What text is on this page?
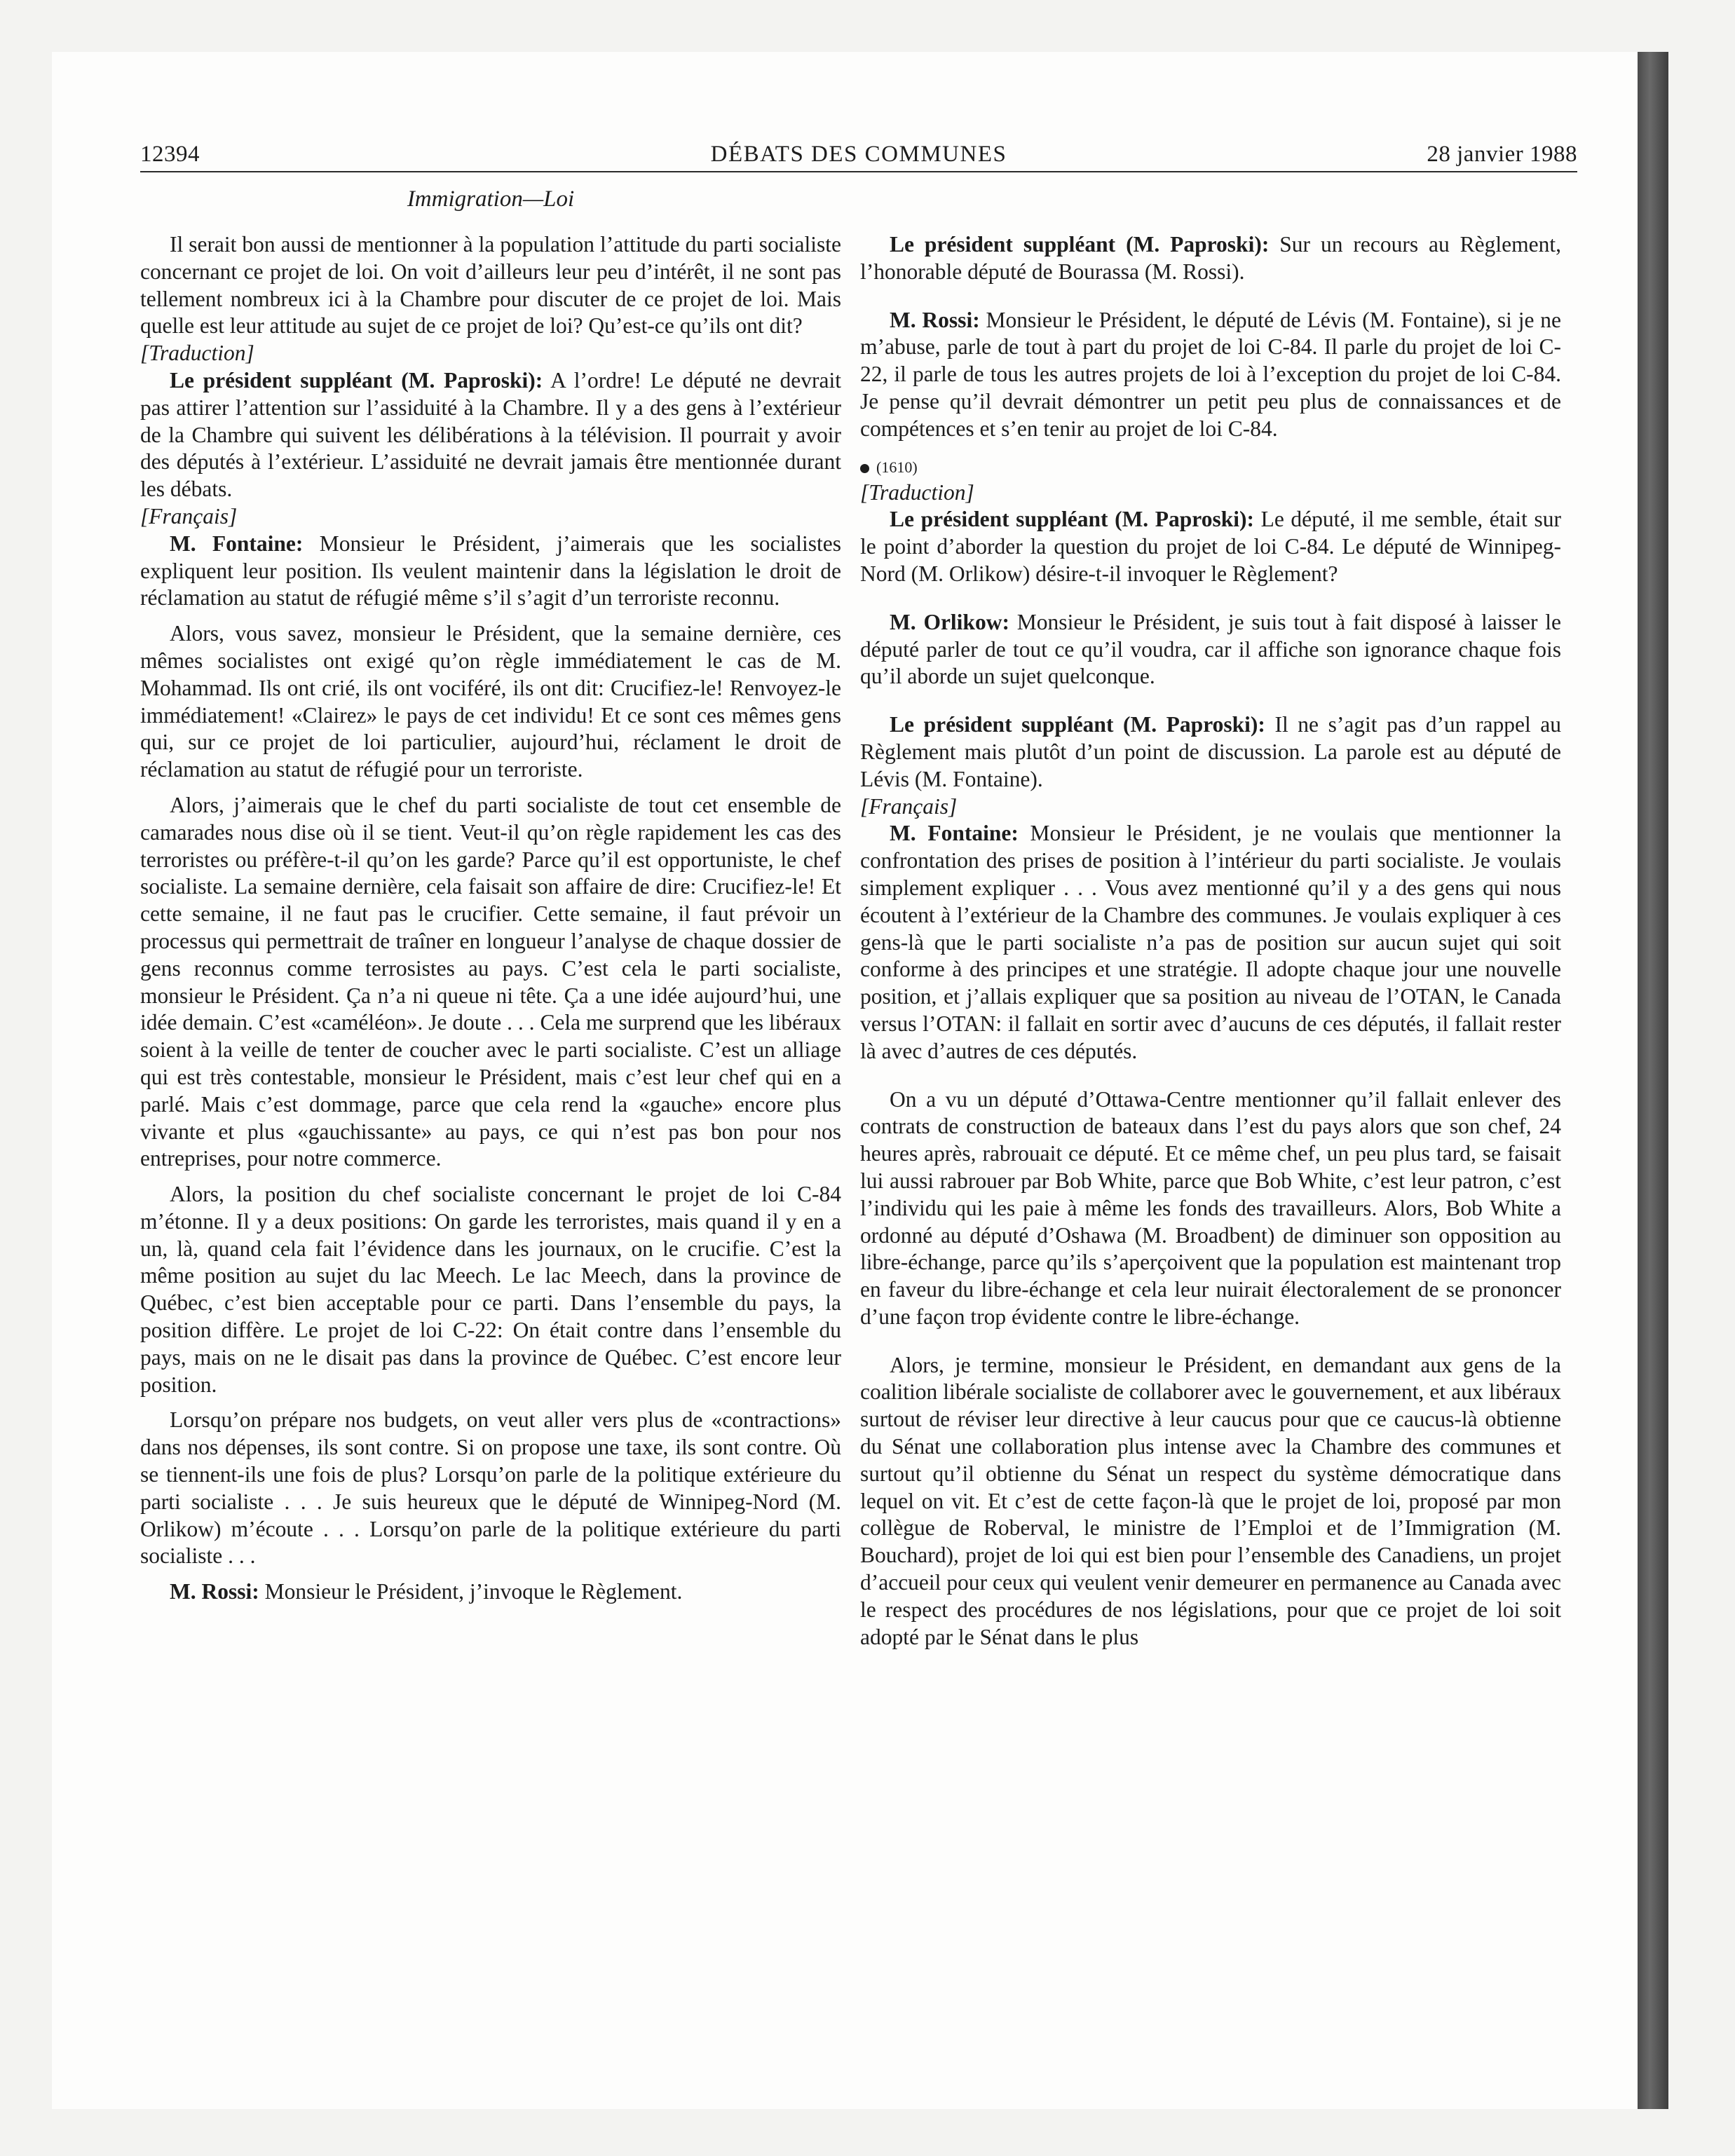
12394	DÉBATS DES COMMUNES	28 janvier 1988
Immigration—Loi

Il serait bon aussi de mentionner à la population l’attitude du parti socialiste concernant ce projet de loi. On voit d’ailleurs leur peu d’intérêt, il ne sont pas tellement nombreux ici à la Chambre pour discuter de ce projet de loi. Mais quelle est leur attitude au sujet de ce projet de loi? Qu’est-ce qu’ils ont dit?

[Traduction]

Le président suppléant (M. Paproski): A l’ordre! Le député ne devrait pas attirer l’attention sur l’assiduité à la Chambre. Il y a des gens à l’extérieur de la Chambre qui suivent les délibérations à la télévision. Il pourrait y avoir des députés à l’extérieur. L’assiduité ne devrait jamais être mentionnée durant les débats.

[Français]

M. Fontaine: Monsieur le Président, j’aimerais que les socialistes expliquent leur position. Ils veulent maintenir dans la législation le droit de réclamation au statut de réfugié même s’il s’agit d’un terroriste reconnu.

Alors, vous savez, monsieur le Président, que la semaine dernière, ces mêmes socialistes ont exigé qu’on règle immédiatement le cas de M. Mohammad. Ils ont crié, ils ont vociféré, ils ont dit: Crucifiez-le! Renvoyez-le immédiatement! «Clairez» le pays de cet individu! Et ce sont ces mêmes gens qui, sur ce projet de loi particulier, aujourd’hui, réclament le droit de réclamation au statut de réfugié pour un terroriste.

Alors, j’aimerais que le chef du parti socialiste de tout cet ensemble de camarades nous dise où il se tient. Veut-il qu’on règle rapidement les cas des terroristes ou préfère-t-il qu’on les garde? Parce qu’il est opportuniste, le chef socialiste. La semaine dernière, cela faisait son affaire de dire: Crucifiez-le! Et cette semaine, il ne faut pas le crucifier. Cette semaine, il faut prévoir un processus qui permettrait de traîner en longueur l’analyse de chaque dossier de gens reconnus comme terrosistes au pays. C’est cela le parti socialiste, monsieur le Président. Ça n’a ni queue ni tête. Ça a une idée aujourd’hui, une idée demain. C’est «caméléon». Je doute . . . Cela me surprend que les libéraux soient à la veille de tenter de coucher avec le parti socialiste. C’est un alliage qui est très contestable, monsieur le Président, mais c’est leur chef qui en a parlé. Mais c’est dommage, parce que cela rend la «gauche» encore plus vivante et plus «gauchissante» au pays, ce qui n’est pas bon pour nos entreprises, pour notre commerce.

Alors, la position du chef socialiste concernant le projet de loi C-84 m’étonne. Il y a deux positions: On garde les terroristes, mais quand il y en a un, là, quand cela fait l’évidence dans les journaux, on le crucifie. C’est la même position au sujet du lac Meech. Le lac Meech, dans la province de Québec, c’est bien acceptable pour ce parti. Dans l’ensemble du pays, la position diffère. Le projet de loi C-22: On était contre dans l’ensemble du pays, mais on ne le disait pas dans la province de Québec. C’est encore leur position.

Lorsqu’on prépare nos budgets, on veut aller vers plus de «contractions» dans nos dépenses, ils sont contre. Si on propose une taxe, ils sont contre. Où se tiennent-ils une fois de plus? Lorsqu’on parle de la politique extérieure du parti socialiste . . . Je suis heureux que le député de Winnipeg-Nord (M. Orlikow) m’écoute . . . Lorsqu’on parle de la politique extérieure du parti socialiste . . .

M. Rossi: Monsieur le Président, j’invoque le Règlement.

Le président suppléant (M. Paproski): Sur un recours au Règlement, l’honorable député de Bourassa (M. Rossi).

M. Rossi: Monsieur le Président, le député de Lévis (M. Fontaine), si je ne m’abuse, parle de tout à part du projet de loi C-84. Il parle du projet de loi C-22, il parle de tous les autres projets de loi à l’exception du projet de loi C-84. Je pense qu’il devrait démontrer un petit peu plus de connaissances et de compétences et s’en tenir au projet de loi C-84.

(1610)

[Traduction]

Le président suppléant (M. Paproski): Le député, il me semble, était sur le point d’aborder la question du projet de loi C-84. Le député de Winnipeg-Nord (M. Orlikow) désire-t-il invoquer le Règlement?

M. Orlikow: Monsieur le Président, je suis tout à fait disposé à laisser le député parler de tout ce qu’il voudra, car il affiche son ignorance chaque fois qu’il aborde un sujet quelconque.

Le président suppléant (M. Paproski): Il ne s’agit pas d’un rappel au Règlement mais plutôt d’un point de discussion. La parole est au député de Lévis (M. Fontaine).

[Français]

M. Fontaine: Monsieur le Président, je ne voulais que mentionner la confrontation des prises de position à l’intérieur du parti socialiste. Je voulais simplement expliquer . . . Vous avez mentionné qu’il y a des gens qui nous écoutent à l’extérieur de la Chambre des communes. Je voulais expliquer à ces gens-là que le parti socialiste n’a pas de position sur aucun sujet qui soit conforme à des principes et une stratégie. Il adopte chaque jour une nouvelle position, et j’allais expliquer que sa position au niveau de l’OTAN, le Canada versus l’OTAN: il fallait en sortir avec d’aucuns de ces députés, il fallait rester là avec d’autres de ces députés.

On a vu un député d’Ottawa-Centre mentionner qu’il fallait enlever des contrats de construction de bateaux dans l’est du pays alors que son chef, 24 heures après, rabrouait ce député. Et ce même chef, un peu plus tard, se faisait lui aussi rabrouer par Bob White, parce que Bob White, c’est leur patron, c’est l’individu qui les paie à même les fonds des travailleurs. Alors, Bob White a ordonné au député d’Oshawa (M. Broadbent) de diminuer son opposition au libre-échange, parce qu’ils s’aperçoivent que la population est maintenant trop en faveur du libre-échange et cela leur nuirait électoralement de se prononcer d’une façon trop évidente contre le libre-échange.

Alors, je termine, monsieur le Président, en demandant aux gens de la coalition libérale socialiste de collaborer avec le gouvernement, et aux libéraux surtout de réviser leur directive à leur caucus pour que ce caucus-là obtienne du Sénat une collaboration plus intense avec la Chambre des communes et surtout qu’il obtienne du Sénat un respect du système démocratique dans lequel on vit. Et c’est de cette façon-là que le projet de loi, proposé par mon collègue de Roberval, le ministre de l’Emploi et de l’Immigration (M. Bouchard), projet de loi qui est bien pour l’ensemble des Canadiens, un projet d’accueil pour ceux qui veulent venir demeurer en permanence au Canada avec le respect des procédures de nos législations, pour que ce projet de loi soit adopté par le Sénat dans le plus
